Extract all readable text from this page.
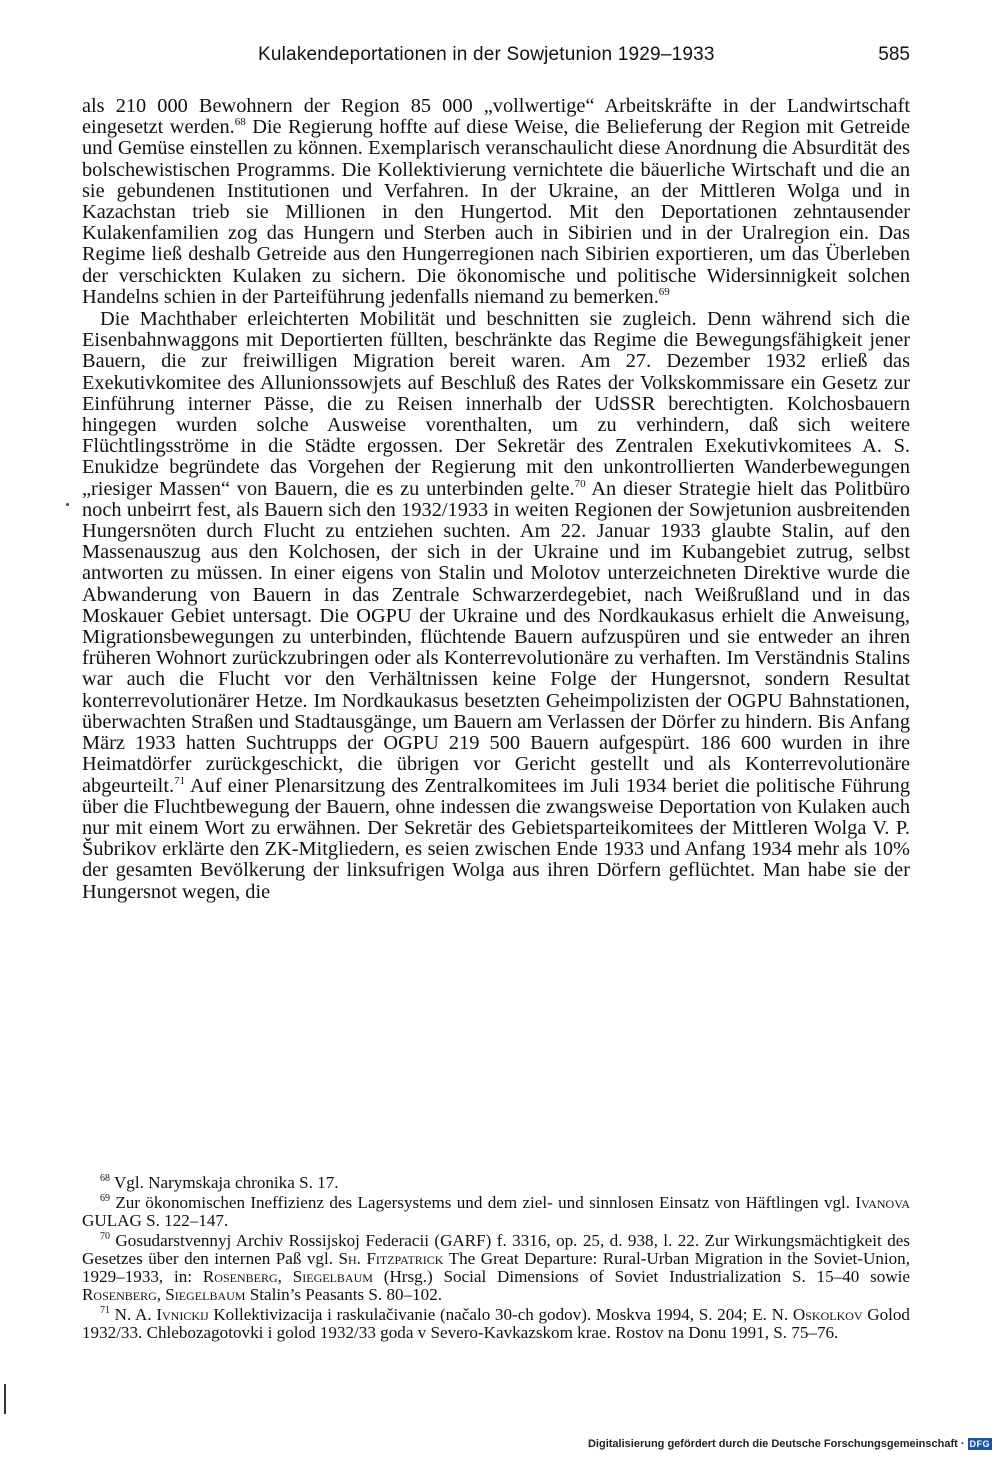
Kulakendeportationen in der Sowjetunion 1929–1933	585

als 210 000 Bewohnern der Region 85 000 „vollwertige“ Arbeitskräfte in der Landwirtschaft eingesetzt werden.$^{68}$ Die Regierung hoffte auf diese Weise, die Belieferung der Region mit Getreide und Gemüse einstellen zu können. Exemplarisch veranschaulicht diese Anordnung die Absurdität des bolschewistischen Programms. Die Kollektivierung vernichtete die bäuerliche Wirtschaft und die an sie gebundenen Institutionen und Verfahren. In der Ukraine, an der Mittleren Wolga und in Kazachstan trieb sie Millionen in den Hungertod. Mit den Deportationen zehntausender Kulakenfamilien zog das Hungern und Sterben auch in Sibirien und in der Uralregion ein. Das Regime ließ deshalb Getreide aus den Hungerregionen nach Sibirien exportieren, um das Überleben der verschickten Kulaken zu sichern. Die ökonomische und politische Widersinnigkeit solchen Handelns schien in der Parteiführung jedenfalls niemand zu bemerken.$^{69}$

Die Machthaber erleichterten Mobilität und beschnitten sie zugleich. Denn während sich die Eisenbahnwaggons mit Deportierten füllten, beschränkte das Regime die Bewegungsfähigkeit jener Bauern, die zur freiwilligen Migration bereit waren. Am 27. Dezember 1932 erließ das Exekutivkomitee des Allunionssowjets auf Beschluß des Rates der Volkskommissare ein Gesetz zur Einführung interner Pässe, die zu Reisen innerhalb der UdSSR berechtigten. Kolchosbauern hingegen wurden solche Ausweise vorenthalten, um zu verhindern, daß sich weitere Flüchtlingsströme in die Städte ergossen. Der Sekretär des Zentralen Exekutivkomitees A. S. Enukidze begründete das Vorgehen der Regierung mit den unkontrollierten Wanderbewegungen „riesiger Massen“ von Bauern, die es zu unterbinden gelte.$^{70}$ An dieser Strategie hielt das Politbüro noch unbeirrt fest, als Bauern sich den 1932/1933 in weiten Regionen der Sowjetunion ausbreitenden Hungersnöten durch Flucht zu entziehen suchten. Am 22. Januar 1933 glaubte Stalin, auf den Massenauszug aus den Kolchosen, der sich in der Ukraine und im Kubangebiet zutrug, selbst antworten zu müssen. In einer eigens von Stalin und Molotov unterzeichneten Direktive wurde die Abwanderung von Bauern in das Zentrale Schwarzerdegebiet, nach Weißrußland und in das Moskauer Gebiet untersagt. Die OGPU der Ukraine und des Nordkaukasus erhielt die Anweisung, Migrationsbewegungen zu unterbinden, flüchtende Bauern aufzuspüren und sie entweder an ihren früheren Wohnort zurückzubringen oder als Konterrevolutionäre zu verhaften. Im Verständnis Stalins war auch die Flucht vor den Verhältnissen keine Folge der Hungersnot, sondern Resultat konterrevolutionärer Hetze. Im Nordkaukasus besetzten Geheimpolizisten der OGPU Bahnstationen, überwachten Straßen und Stadtausgänge, um Bauern am Verlassen der Dörfer zu hindern. Bis Anfang März 1933 hatten Suchtrupps der OGPU 219 500 Bauern aufgespürt. 186 600 wurden in ihre Heimatdörfer zurückgeschickt, die übrigen vor Gericht gestellt und als Konterrevolutionäre abgeurteilt.$^{71}$ Auf einer Plenarsitzung des Zentralkomitees im Juli 1934 beriet die politische Führung über die Fluchtbewegung der Bauern, ohne indessen die zwangsweise Deportation von Kulaken auch nur mit einem Wort zu erwähnen. Der Sekretär des Gebietsparteikomitees der Mittleren Wolga V. P. Šubrikov erklärte den ZK-Mitgliedern, es seien zwischen Ende 1933 und Anfang 1934 mehr als 10% der gesamten Bevölkerung der linksufrigen Wolga aus ihren Dörfern geflüchtet. Man habe sie der Hungersnot wegen, die

$^{68}$ Vgl. Narymskaja chronika S. 17.

$^{69}$ Zur ökonomischen Ineffizienz des Lagersystems und dem ziel- und sinnlosen Einsatz von Häftlingen vgl. Ivanova GULAG S. 122–147.

$^{70}$ Gosudarstvennyj Archiv Rossijskoj Federacii (GARF) f. 3316, op. 25, d. 938, l. 22. Zur Wirkungsmächtigkeit des Gesetzes über den internen Paß vgl. Sh. Fitzpatrick The Great Departure: Rural-Urban Migration in the Soviet-Union, 1929–1933, in: Rosenberg, Siegelbaum (Hrsg.) Social Dimensions of Soviet Industrialization S. 15–40 sowie Rosenberg, Siegelbaum Stalin’s Peasants S. 80–102.

$^{71}$ N. A. Ivnickij Kollektivizacija i raskulačivanie (načalo 30-ch godov). Moskva 1994, S. 204; E. N. Oskolkov Golod 1932/33. Chlebozagotovki i golod 1932/33 goda v Severo-Kavkazskom krae. Rostov na Donu 1991, S. 75–76.

Digitalisierung gefördert durch die Deutsche Forschungsgemeinschaft · DFG
